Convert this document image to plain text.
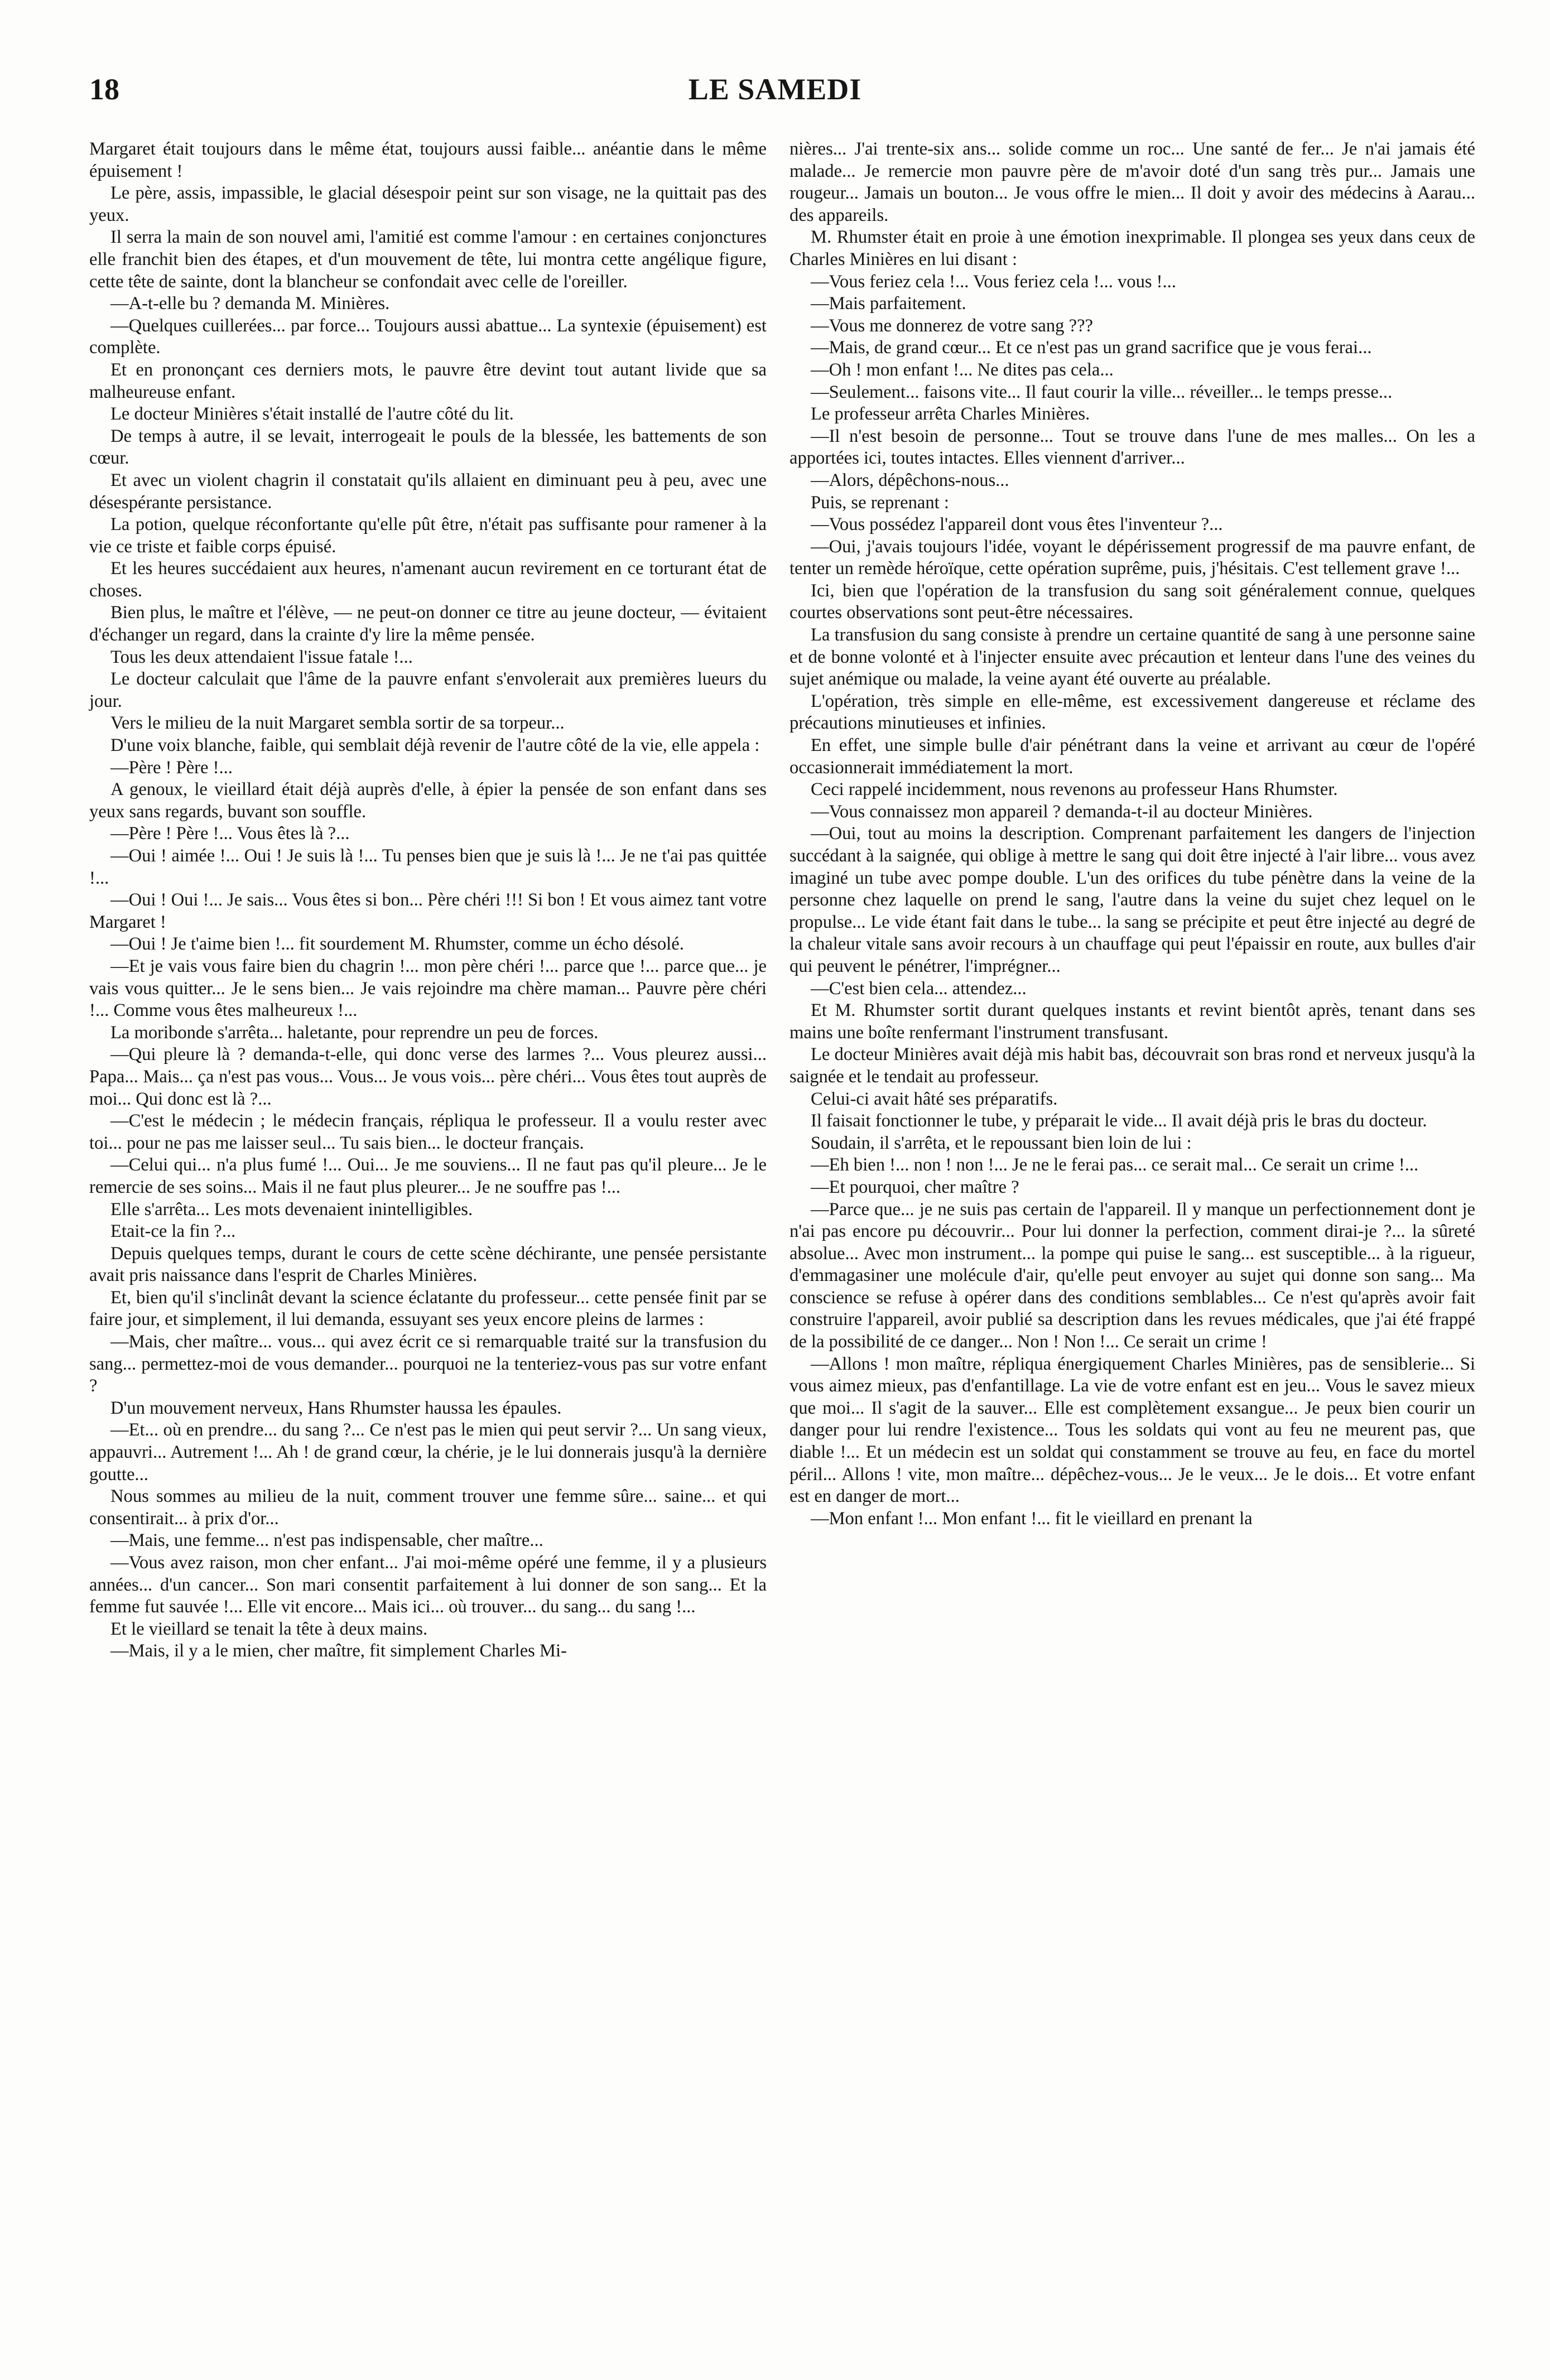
18	LE SAMEDI

Margaret était toujours dans le même état, toujours aussi faible... anéantie dans le même épuisement !

Le père, assis, impassible, le glacial désespoir peint sur son visage, ne la quittait pas des yeux.

Il serra la main de son nouvel ami, l'amitié est comme l'amour : en certaines conjonctures elle franchit bien des étapes, et d'un mouvement de tête, lui montra cette angélique figure, cette tête de sainte, dont la blancheur se confondait avec celle de l'oreiller.

—A-t-elle bu ? demanda M. Minières.

—Quelques cuillerées... par force... Toujours aussi abattue... La syntexie (épuisement) est complète.

Et en prononçant ces derniers mots, le pauvre être devint tout autant livide que sa malheureuse enfant.

Le docteur Minières s'était installé de l'autre côté du lit.

De temps à autre, il se levait, interrogeait le pouls de la blessée, les battements de son cœur.

Et avec un violent chagrin il constatait qu'ils allaient en diminuant peu à peu, avec une désespérante persistance.

La potion, quelque réconfortante qu'elle pût être, n'était pas suffisante pour ramener à la vie ce triste et faible corps épuisé.

Et les heures succédaient aux heures, n'amenant aucun revirement en ce torturant état de choses.

Bien plus, le maître et l'élève, — ne peut-on donner ce titre au jeune docteur, — évitaient d'échanger un regard, dans la crainte d'y lire la même pensée.

Tous les deux attendaient l'issue fatale !...

Le docteur calculait que l'âme de la pauvre enfant s'envolerait aux premières lueurs du jour.

Vers le milieu de la nuit Margaret sembla sortir de sa torpeur...

D'une voix blanche, faible, qui semblait déjà revenir de l'autre côté de la vie, elle appela :

—Père ! Père !...

A genoux, le vieillard était déjà auprès d'elle, à épier la pensée de son enfant dans ses yeux sans regards, buvant son souffle.

—Père ! Père !... Vous êtes là ?...

—Oui ! aimée !... Oui ! Je suis là !... Tu penses bien que je suis là !... Je ne t'ai pas quittée !...

—Oui ! Oui !... Je sais... Vous êtes si bon... Père chéri !!! Si bon ! Et vous aimez tant votre Margaret !

—Oui ! Je t'aime bien !... fit sourdement M. Rhumster, comme un écho désolé.

—Et je vais vous faire bien du chagrin !... mon père chéri !... parce que !... parce que... je vais vous quitter... Je le sens bien... Je vais rejoindre ma chère maman... Pauvre père chéri !... Comme vous êtes malheureux !...

La moribonde s'arrêta... haletante, pour reprendre un peu de forces.

—Qui pleure là ? demanda-t-elle, qui donc verse des larmes ?... Vous pleurez aussi... Papa... Mais... ça n'est pas vous... Vous... Je vous vois... père chéri... Vous êtes tout auprès de moi... Qui donc est là ?...

—C'est le médecin ; le médecin français, répliqua le professeur. Il a voulu rester avec toi... pour ne pas me laisser seul... Tu sais bien... le docteur français.

—Celui qui... n'a plus fumé !... Oui... Je me souviens... Il ne faut pas qu'il pleure... Je le remercie de ses soins... Mais il ne faut plus pleurer... Je ne souffre pas !...

Elle s'arrêta... Les mots devenaient inintelligibles.

Etait-ce la fin ?...

Depuis quelques temps, durant le cours de cette scène déchirante, une pensée persistante avait pris naissance dans l'esprit de Charles Minières.

Et, bien qu'il s'inclinât devant la science éclatante du professeur... cette pensée finit par se faire jour, et simplement, il lui demanda, essuyant ses yeux encore pleins de larmes :

—Mais, cher maître... vous... qui avez écrit ce si remarquable traité sur la transfusion du sang... permettez-moi de vous demander... pourquoi ne la tenteriez-vous pas sur votre enfant ?

D'un mouvement nerveux, Hans Rhumster haussa les épaules.

—Et... où en prendre... du sang ?... Ce n'est pas le mien qui peut servir ?... Un sang vieux, appauvri... Autrement !... Ah ! de grand cœur, la chérie, je le lui donnerais jusqu'à la dernière goutte...

Nous sommes au milieu de la nuit, comment trouver une femme sûre... saine... et qui consentirait... à prix d'or...

—Mais, une femme... n'est pas indispensable, cher maître...

—Vous avez raison, mon cher enfant... J'ai moi-même opéré une femme, il y a plusieurs années... d'un cancer... Son mari consentit parfaitement à lui donner de son sang... Et la femme fut sauvée !... Elle vit encore... Mais ici... où trouver... du sang... du sang !...

Et le vieillard se tenait la tête à deux mains.

—Mais, il y a le mien, cher maître, fit simplement Charles Mi-

nières... J'ai trente-six ans... solide comme un roc... Une santé de fer... Je n'ai jamais été malade... Je remercie mon pauvre père de m'avoir doté d'un sang très pur... Jamais une rougeur... Jamais un bouton... Je vous offre le mien... Il doit y avoir des médecins à Aarau... des appareils.

M. Rhumster était en proie à une émotion inexprimable. Il plongea ses yeux dans ceux de Charles Minières en lui disant :

—Vous feriez cela !... Vous feriez cela !... vous !...

—Mais parfaitement.

—Vous me donnerez de votre sang ???

—Mais, de grand cœur... Et ce n'est pas un grand sacrifice que je vous ferai...

—Oh ! mon enfant !... Ne dites pas cela...

—Seulement... faisons vite... Il faut courir la ville... réveiller... le temps presse...

Le professeur arrêta Charles Minières.

—Il n'est besoin de personne... Tout se trouve dans l'une de mes malles... On les a apportées ici, toutes intactes. Elles viennent d'arriver...

—Alors, dépêchons-nous...

Puis, se reprenant :

—Vous possédez l'appareil dont vous êtes l'inventeur ?...

—Oui, j'avais toujours l'idée, voyant le dépérissement progressif de ma pauvre enfant, de tenter un remède héroïque, cette opération suprême, puis, j'hésitais. C'est tellement grave !...

Ici, bien que l'opération de la transfusion du sang soit généralement connue, quelques courtes observations sont peut-être nécessaires.

La transfusion du sang consiste à prendre un certaine quantité de sang à une personne saine et de bonne volonté et à l'injecter ensuite avec précaution et lenteur dans l'une des veines du sujet anémique ou malade, la veine ayant été ouverte au préalable.

L'opération, très simple en elle-même, est excessivement dangereuse et réclame des précautions minutieuses et infinies.

En effet, une simple bulle d'air pénétrant dans la veine et arrivant au cœur de l'opéré occasionnerait immédiatement la mort.

Ceci rappelé incidemment, nous revenons au professeur Hans Rhumster.

—Vous connaissez mon appareil ? demanda-t-il au docteur Minières.

—Oui, tout au moins la description. Comprenant parfaitement les dangers de l'injection succédant à la saignée, qui oblige à mettre le sang qui doit être injecté à l'air libre... vous avez imaginé un tube avec pompe double. L'un des orifices du tube pénètre dans la veine de la personne chez laquelle on prend le sang, l'autre dans la veine du sujet chez lequel on le propulse... Le vide étant fait dans le tube... la sang se précipite et peut être injecté au degré de la chaleur vitale sans avoir recours à un chauffage qui peut l'épaissir en route, aux bulles d'air qui peuvent le pénétrer, l'imprégner...

—C'est bien cela... attendez...

Et M. Rhumster sortit durant quelques instants et revint bientôt après, tenant dans ses mains une boîte renfermant l'instrument transfusant.

Le docteur Minières avait déjà mis habit bas, découvrait son bras rond et nerveux jusqu'à la saignée et le tendait au professeur.

Celui-ci avait hâté ses préparatifs.

Il faisait fonctionner le tube, y préparait le vide... Il avait déjà pris le bras du docteur.

Soudain, il s'arrêta, et le repoussant bien loin de lui :

—Eh bien !... non ! non !... Je ne le ferai pas... ce serait mal... Ce serait un crime !...

—Et pourquoi, cher maître ?

—Parce que... je ne suis pas certain de l'appareil. Il y manque un perfectionnement dont je n'ai pas encore pu découvrir... Pour lui donner la perfection, comment dirai-je ?... la sûreté absolue... Avec mon instrument... la pompe qui puise le sang... est susceptible... à la rigueur, d'emmagasiner une molécule d'air, qu'elle peut envoyer au sujet qui donne son sang... Ma conscience se refuse à opérer dans des conditions semblables... Ce n'est qu'après avoir fait construire l'appareil, avoir publié sa description dans les revues médicales, que j'ai été frappé de la possibilité de ce danger... Non ! Non !... Ce serait un crime !

—Allons ! mon maître, répliqua énergiquement Charles Minières, pas de sensiblerie... Si vous aimez mieux, pas d'enfantillage. La vie de votre enfant est en jeu... Vous le savez mieux que moi... Il s'agit de la sauver... Elle est complètement exsangue... Je peux bien courir un danger pour lui rendre l'existence... Tous les soldats qui vont au feu ne meurent pas, que diable !... Et un médecin est un soldat qui constamment se trouve au feu, en face du mortel péril... Allons ! vite, mon maître... dépêchez-vous... Je le veux... Je le dois... Et votre enfant est en danger de mort...

—Mon enfant !... Mon enfant !... fit le vieillard en prenant la
